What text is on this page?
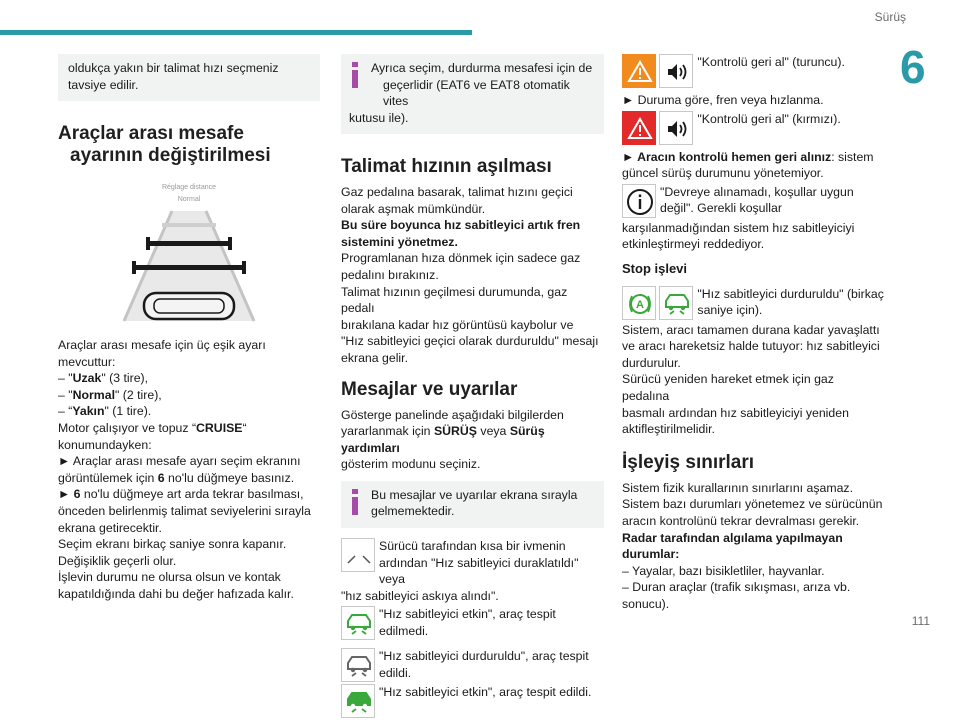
Sürüş
6
111
oldukça yakın bir talimat hızı seçmeniz tavsiye edilir.
Araçlar arası mesafe
ayarının değiştirilmesi
Réglage distance
Normal

Araçlar arası mesafe için üç eşik ayarı

mevcuttur:

– "Uzak" (3 tire),

– "Normal" (2 tire),

– “Yakın" (1 tire).

Motor çalışıyor ve topuz “CRUISE“

konumundayken:

► Araçlar arası mesafe ayarı seçim ekranını

görüntülemek için 6 no'lu düğmeye basınız.

► 6 no'lu düğmeye art arda tekrar basılması,

önceden belirlenmiş talimat seviyelerini sırayla

ekrana getirecektir.

Seçim ekranı birkaç saniye sonra kapanır.

Değişiklik geçerli olur.

İşlevin durumu ne olursa olsun ve kontak

kapatıldığında dahi bu değer hafızada kalır.

Ayrıca seçim, durdurma mesafesi için de

geçerlidir (EAT6 ve EAT8 otomatik vites

kutusu ile).

Talimat hızının aşılması

Gaz pedalına basarak, talimat hızını geçici

olarak aşmak mümkündür.

Bu süre boyunca hız sabitleyici artık fren

sistemini yönetmez.

Programlanan hıza dönmek için sadece gaz

pedalını bırakınız.

Talimat hızının geçilmesi durumunda, gaz pedalı

bırakılana kadar hız görüntüsü kaybolur ve

"Hız sabitleyici geçici olarak durduruldu" mesajı

ekrana gelir.

Mesajlar ve uyarılar

Gösterge panelinde aşağıdaki bilgilerden

yararlanmak için SÜRÜŞ veya Sürüş yardımları

gösterim modunu seçiniz.

Bu mesajlar ve uyarılar ekrana sırayla

gelmemektedir.

Sürücü tarafından kısa bir ivmenin

ardından "Hız sabitleyici duraklatıldı" veya

"hız sabitleyici askıya alındı".

"Hız sabitleyici etkin", araç tespit edilmedi.

"Hız sabitleyici durduruldu", araç tespit

edildi.

"Hız sabitleyici etkin", araç tespit edildi.

"Kontrolü geri al" (turuncu).

► Duruma göre, fren veya hızlanma.

"Kontrolü geri al" (kırmızı).

► Aracın kontrolü hemen geri alınız: sistem

güncel sürüş durumunu yönetemiyor.

"Devreye alınamadı, koşullar uygun

değil". Gerekli koşullar

karşılanmadığından sistem hız sabitleyiciyi

etkinleştirmeyi reddediyor.

Stop işlevi
A

"Hız sabitleyici durduruldu" (birkaç

saniye için).

Sistem, aracı tamamen durana kadar yavaşlattı

ve aracı hareketsiz halde tutuyor: hız sabitleyici

durdurulur.

Sürücü yeniden hareket etmek için gaz pedalına

basmalı ardından hız sabitleyiciyi yeniden

aktifleştirilmelidir.

İşleyiş sınırları

Sistem fizik kurallarının sınırlarını aşamaz.

Sistem bazı durumları yönetemez ve sürücünün

aracın kontrolünü tekrar devralması gerekir.

Radar tarafından algılama yapılmayan

durumlar:

– Yayalar, bazı bisikletliler, hayvanlar.

– Duran araçlar (trafik sıkışması, arıza vb.

sonucu).
